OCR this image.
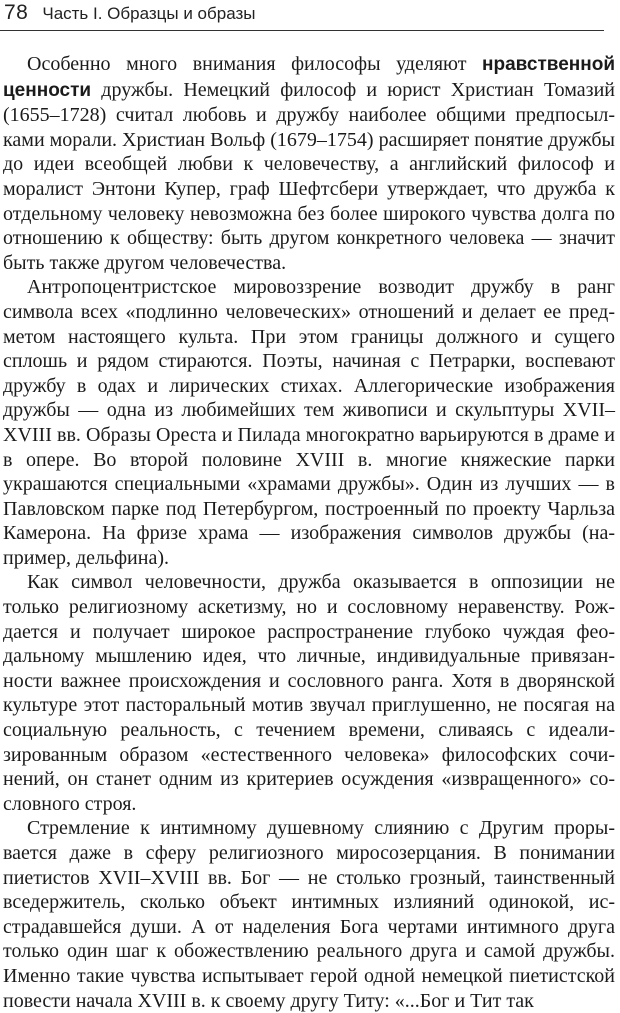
78 Часть I. Образцы и образы

Особенно много внимания философы уделяют нравственной ценности дружбы. Немецкий философ и юрист Христиан Томазий (1655–1728) считал любовь и дружбу наиболее общими предпосылками морали. Христиан Вольф (1679–1754) расширяет понятие дружбы до идеи всеобщей любви к человечеству, а английский философ и моралист Энтони Купер, граф Шефтсбери утверждает, что дружба к отдельному человеку невозможна без более широкого чувства долга по отношению к обществу: быть другом конкретного человека — значит быть также другом человечества.

Антропоцентристское мировоззрение возводит дружбу в ранг символа всех «подлинно человеческих» отношений и делает ее предметом настоящего культа. При этом границы должного и сущего сплошь и рядом стираются. Поэты, начиная с Петрарки, воспевают дружбу в одах и лирических стихах. Аллегорические изображения дружбы — одна из любимейших тем живописи и скульптуры XVII–XVIII вв. Образы Ореста и Пилада многократно варьируются в драме и в опере. Во второй половине XVIII в. многие княжеские парки украшаются специальными «храмами дружбы». Один из лучших — в Павловском парке под Петербургом, построенный по проекту Чарльза Камерона. На фризе храма — изображения символов дружбы (например, дельфина).

Как символ человечности, дружба оказывается в оппозиции не только религиозному аскетизму, но и сословному неравенству. Рождается и получает широкое распространение глубоко чуждая феодальному мышлению идея, что личные, индивидуальные привязанности важнее происхождения и сословного ранга. Хотя в дворянской культуре этот пасторальный мотив звучал приглушенно, не посягая на социальную реальность, с течением времени, сливаясь с идеализированным образом «естественного человека» философских сочинений, он станет одним из критериев осуждения «извращенного» сословного строя.

Стремление к интимному душевному слиянию с Другим прорывается даже в сферу религиозного миросозерцания. В понимании пиетистов XVII–XVIII вв. Бог — не столько грозный, таинственный вседержитель, сколько объект интимных излияний одинокой, исстрадавшейся души. А от наделения Бога чертами интимного друга только один шаг к обожествлению реального друга и самой дружбы. Именно такие чувства испытывает герой одной немецкой пиетистской повести начала XVIII в. к своему другу Титу: «...Бог и Тит так
